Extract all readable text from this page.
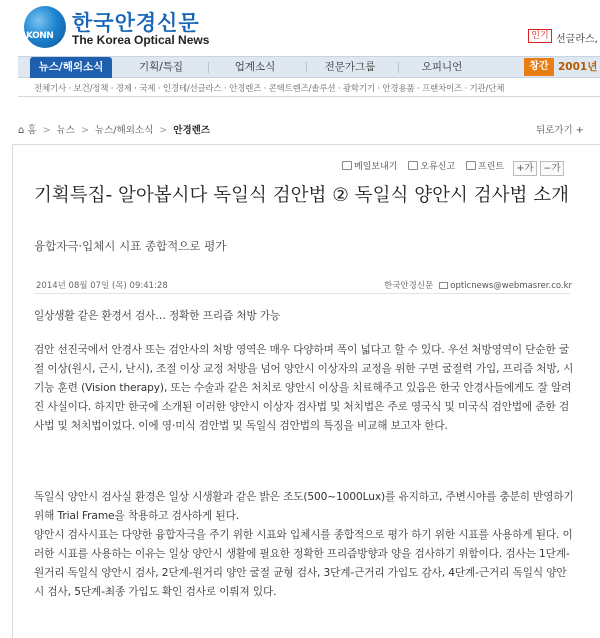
KONN
한국안경신문
The Korea Optical News	인기 선글라스,
뉴스/해외소식	기획/특집	업계소식	전문가그룹	오피니언	창간 2001년
전체기사 · 보건/정책 · 경제 · 국제 · 인경테/선글라스 · 안경렌즈 · 콘택트렌즈/솔루션 · 광학기기 · 안경용품 · 프랜차이즈 · 기관/단체
⌂ 홈 > 뉴스 > 뉴스/해외소식 > 안경렌즈	뒤로가기 +
메일보내기	오류신고	프린트	+가 −가
기획특집- 알아봅시다 독일식 검안법 ② 독일식 양안시 검사법 소개
융합자극·입체시 시표 종합적으로 평가
2014년 08월 07일 (목) 09:41:28	한국안경신문 opticnews@webmasrer.co.kr
일상생활 같은 환경서 검사… 정확한 프리즘 처방 가능
검안 선진국에서 안경사 또는 검안사의 처방 영역은 매우 다양하며 폭이 넓다고 할 수 있다. 우선 처방영역이 단순한 굴절 이상(원시, 근시, 난시), 조절 이상 교정 처방을 넘어 양안시 이상자의 교정을 위한 구면 굴절력 가입, 프리즘 처방, 시기능 훈련 (Vision therapy), 또는 수술과 같은 처치로 양안시 이상을 치료해주고 있음은 한국 안경사들에게도 잘 알려진 사실이다. 하지만 한국에 소개된 이러한 양안시 이상자 검사법 및 처치법은 주로 영국식 및 미국식 검안법에 준한 검사법 및 처치법이었다. 이에 영·미식 검안법 및 독일식 검안법의 특징을 비교해 보고자 한다.
독일식 양안시 검사실 환경은 일상 시생활과 같은 밝은 조도(500~1000Lux)를 유지하고, 주변시야를 충분히 반영하기 위해 Trial Frame을 착용하고 검사하게 된다.
양안시 검사시표는 다양한 융합자극을 주기 위한 시표와 입체시를 종합적으로 평가 하기 위한 시표를 사용하게 된다. 이러한 시표를 사용하는 이유는 일상 양안시 생활에 필요한 정확한 프리즘방향과 양을 검사하기 위함이다. 검사는 1단계-원거리 독일식 양안시 검사, 2단계-원거리 양안 굴절 균형 검사, 3단계-근거리 가입도 감사, 4단계-근거리 독일식 양안시 검사, 5단계-최종 가입도 확인 검사로 이뤄져 있다.
